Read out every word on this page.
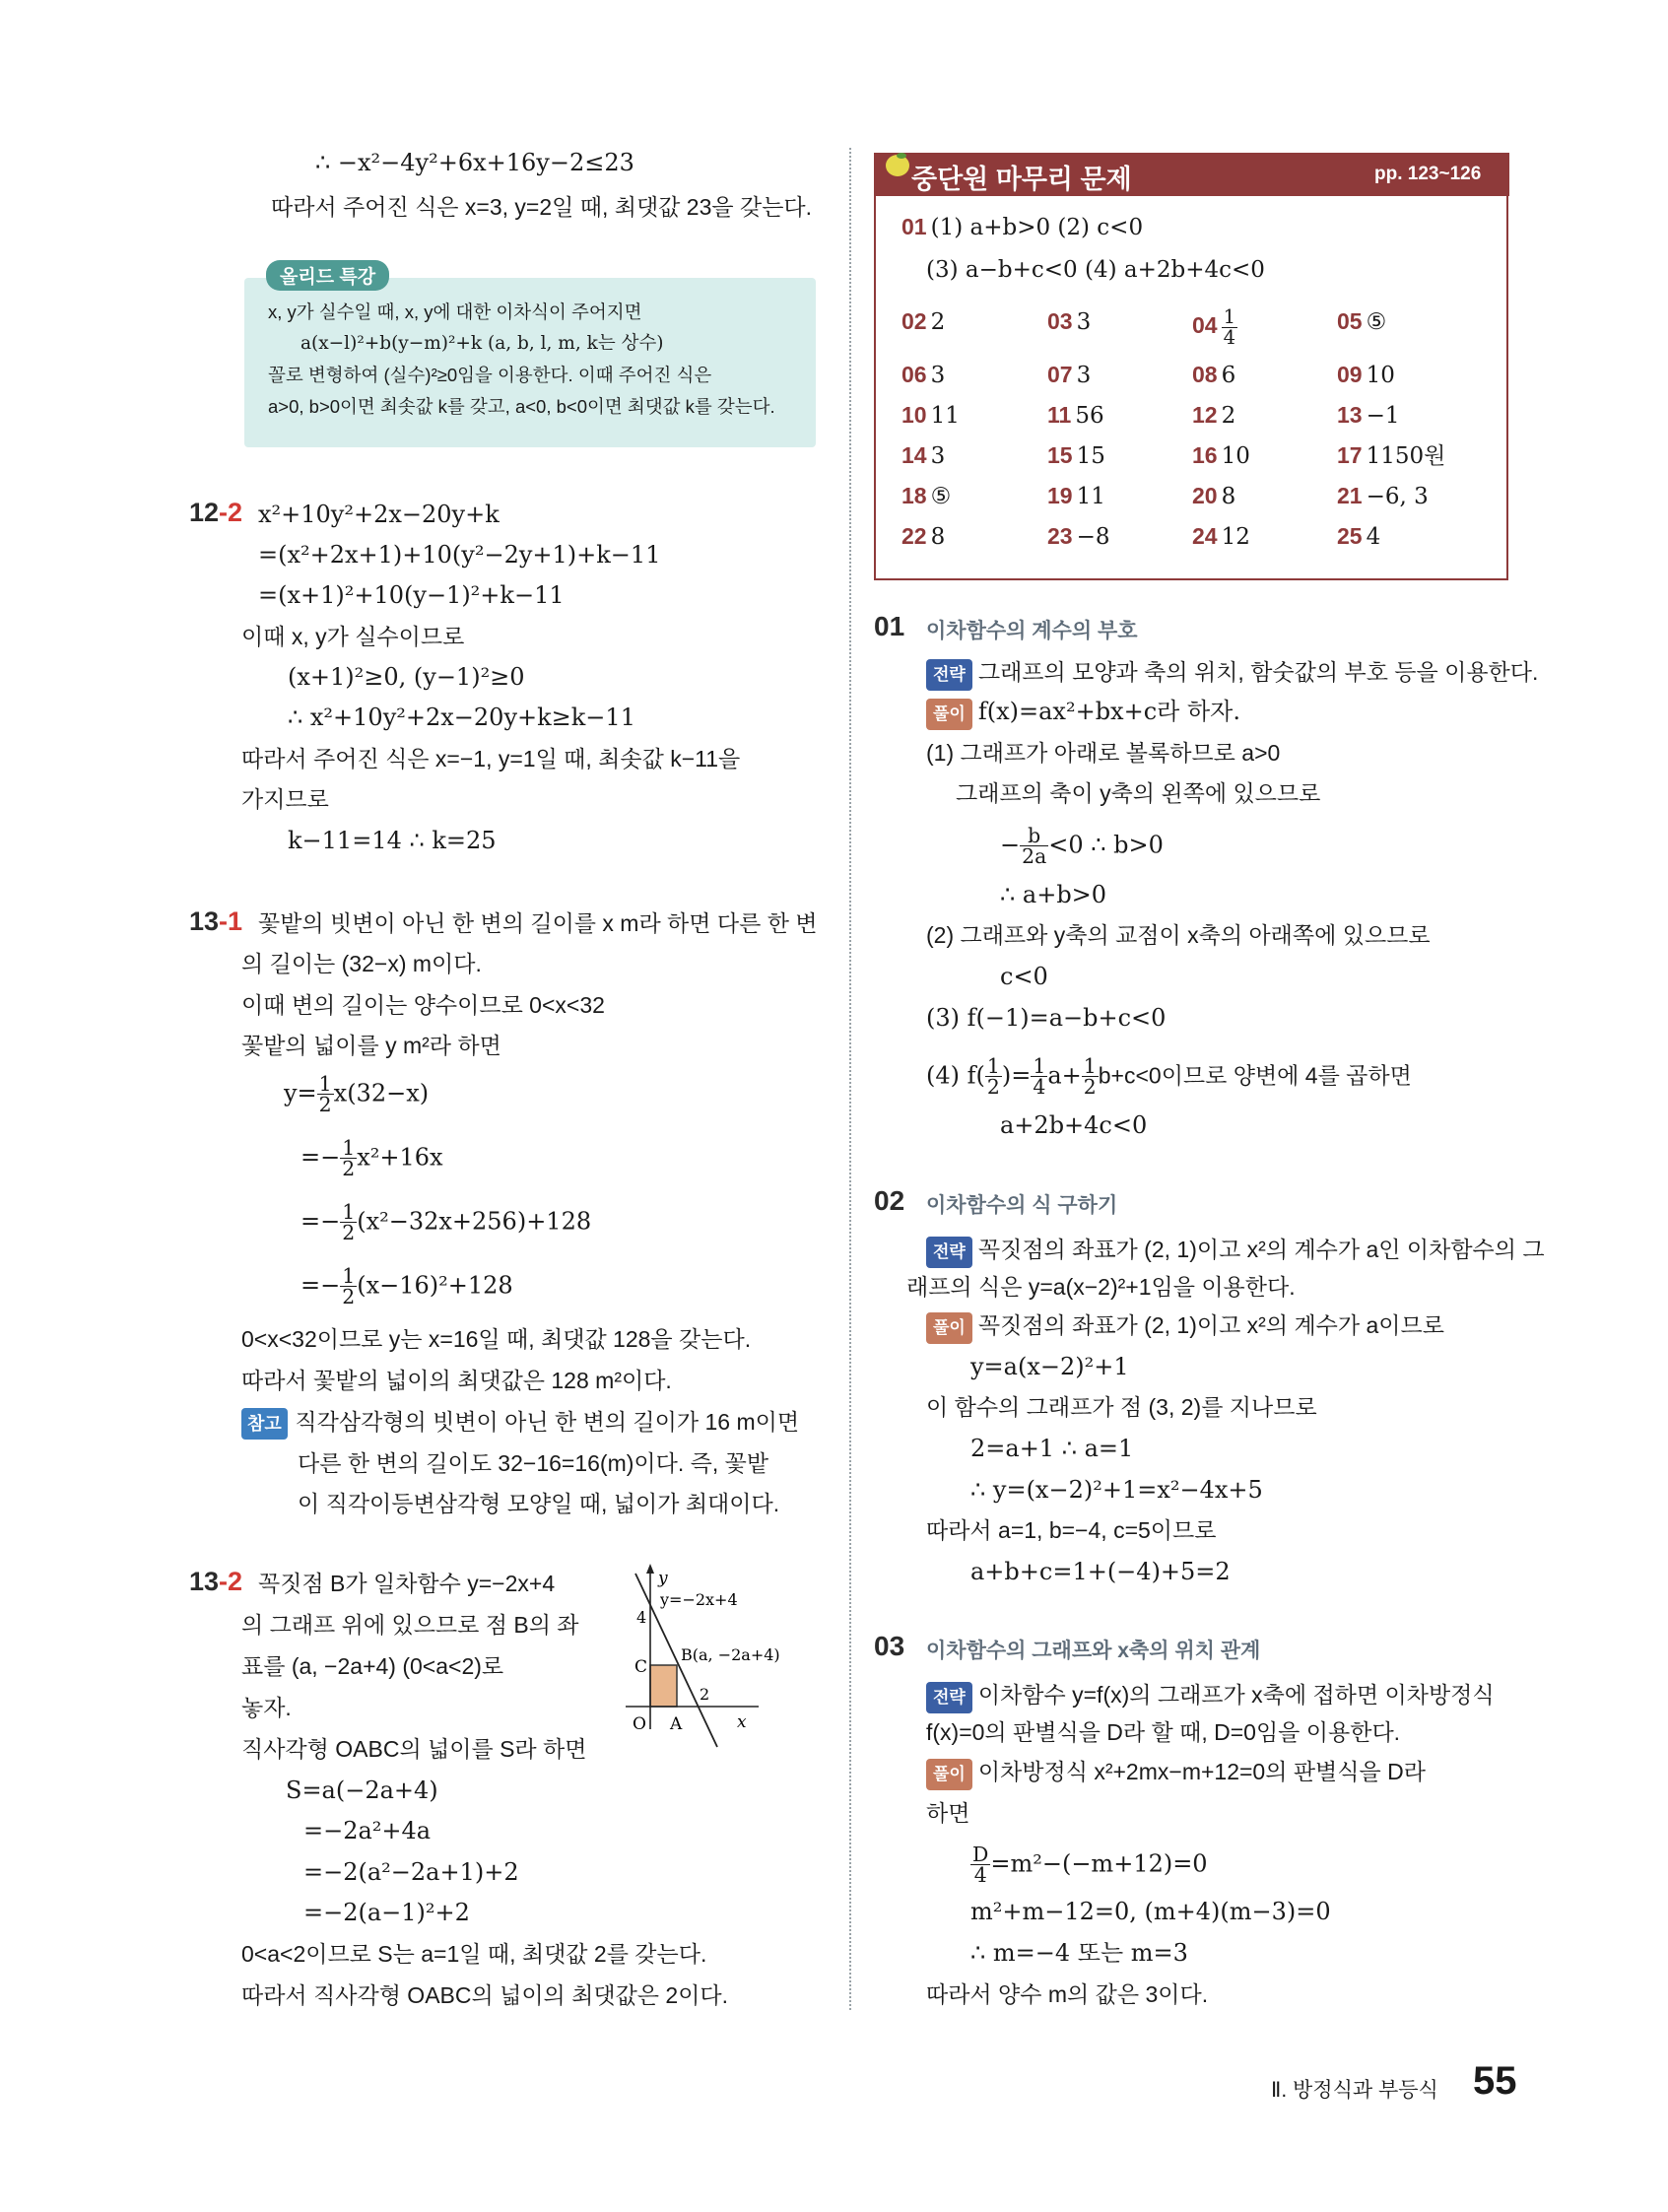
∴ −x²−4y²+6x+16y−2≤23
따라서 주어진 식은 x=3, y=2일 때, 최댓값 23을 갖는다.
올리드 특강
x, y가 실수일 때, x, y에 대한 이차식이 주어지면
a(x−l)²+b(y−m)²+k (a, b, l, m, k는 상수)
꼴로 변형하여 (실수)²≥0임을 이용한다. 이때 주어진 식은
a>0, b>0이면 최솟값 k를 갖고, a<0, b<0이면 최댓값 k를 갖는다.
12-2 x²+10y²+2x−20y+k
=(x²+2x+1)+10(y²−2y+1)+k−11
=(x+1)²+10(y−1)²+k−11
이때 x, y가 실수이므로
(x+1)²≥0, (y−1)²≥0
∴ x²+10y²+2x−20y+k≥k−11
따라서 주어진 식은 x=−1, y=1일 때, 최솟값 k−11을
가지므로
k−11=14 ∴ k=25
13-1 꽃밭의 빗변이 아닌 한 변의 길이를 x m라 하면 다른 한 변
의 길이는 (32−x) m이다.
이때 변의 길이는 양수이므로 0<x<32
꽃밭의 넓이를 y m²라 하면
$y= \frac{1}{2} x(32-x)$
=− $\frac{1}{2} x^2+16x$
=− $\frac{1}{2} (x^2-32x+256)+128$
=− $\frac{1}{2} (x-16)^2+128$
0<x<32이므로 y는 x=16일 때, 최댓값 128을 갖는다.
따라서 꽃밭의 넓이의 최댓값은 128 m²이다.
참고 직각삼각형의 빗변이 아닌 한 변의 길이가 16 m이면
다른 한 변의 길이도 32−16=16(m)이다. 즉, 꽃밭
이 직각이등변삼각형 모양일 때, 넓이가 최대이다.
13-2 꼭짓점 B가 일차함수 y=−2x+4
의 그래프 위에 있으므로 점 B의 좌
표를 (a, −2a+4) (0<a<2)로
놓자.
직사각형 OABC의 넓이를 S라 하면
S=a(−2a+4)
=−2a²+4a
=−2(a²−2a+1)+2
=−2(a−1)²+2
0<a<2이므로 S는 a=1일 때, 최댓값 2를 갖는다.
따라서 직사각형 OABC의 넓이의 최댓값은 2이다.
y
x
y=−2x+4
4
2
C
B(a, −2a+4)
O A
중단원 마무리 문제	pp. 123~126
01 (1) a+b>0 (2) c<0
(3) a−b+c<0 (4) a+2b+4c<0
02 2	03 3	$04 \frac{1}{4}$	05 ⑤
06 3	07 3	08 6	09 10
10 11	11 56	12 2	13 −1
14 3	15 15	16 10	17 1150원
18 ⑤	19 11	20 8	21 −6, 3
22 8	23 −8	24 12	25 4
01 이차함수의 계수의 부호
전략 그래프의 모양과 축의 위치, 함숫값의 부호 등을 이용한다.
풀이 f(x)=ax²+bx+c라 하자.
(1) 그래프가 아래로 볼록하므로 a>0
그래프의 축이 y축의 왼쪽에 있으므로
− $\frac{b}{2a} <0$ ∴ b>0
∴ a+b>0
(2) 그래프와 y축의 교점이 x축의 아래쪽에 있으므로
c<0
(3) f(−1)=a−b+c<0
(4) $f( \frac{1}{2}$ )= $\frac{1}{4} a+ \frac{1}{2} b+c<0$이므로 양변에 4를 곱하면
a+2b+4c<0
02 이차함수의 식 구하기
전략 꼭짓점의 좌표가 (2, 1)이고 x²의 계수가 a인 이차함수의 그
래프의 식은 y=a(x−2)²+1임을 이용한다.
풀이 꼭짓점의 좌표가 (2, 1)이고 x²의 계수가 a이므로
y=a(x−2)²+1
이 함수의 그래프가 점 (3, 2)를 지나므로
2=a+1 ∴ a=1
∴ y=(x−2)²+1=x²−4x+5
따라서 a=1, b=−4, c=5이므로
a+b+c=1+(−4)+5=2
03 이차함수의 그래프와 x축의 위치 관계
전략 이차함수 y=f(x)의 그래프가 x축에 접하면 이차방정식
f(x)=0의 판별식을 D라 할 때, D=0임을 이용한다.
풀이 이차방정식 x²+2mx−m+12=0의 판별식을 D라
하면
$\frac{D}{4} =m^2-(-m+12)=0$
m²+m−12=0, (m+4)(m−3)=0
∴ m=−4 또는 m=3
따라서 양수 m의 값은 3이다.
Ⅱ. 방정식과 부등식 55
